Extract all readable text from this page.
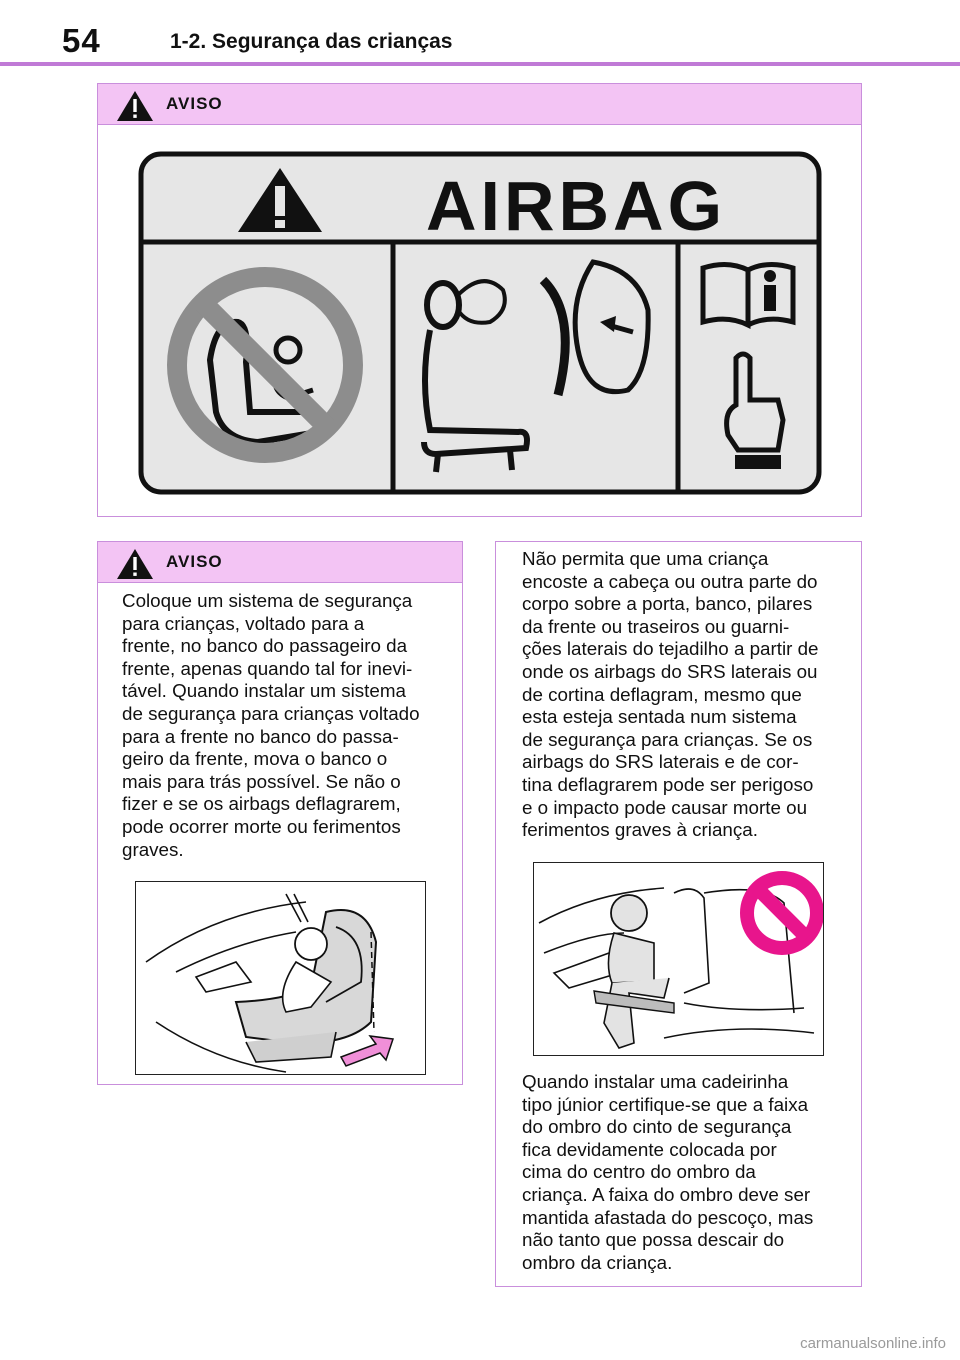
54	1-2. Segurança das crianças
AVISO
AIRBAG
AVISO
Coloque um sistema de segurança
para crianças, voltado para a
frente, no banco do passageiro da
frente, apenas quando tal for inevi-
tável. Quando instalar um sistema
de segurança para crianças voltado
para a frente no banco do passa-
geiro da frente, mova o banco o
mais para trás possível. Se não o
fizer e se os airbags deflagrarem,
pode ocorrer morte ou ferimentos
graves.
Não permita que uma criança
encoste a cabeça ou outra parte do
corpo sobre a porta, banco, pilares
da frente ou traseiros ou guarni-
ções laterais do tejadilho a partir de
onde os airbags do SRS laterais ou
de cortina deflagram, mesmo que
esta esteja sentada num sistema
de segurança para crianças. Se os
airbags do SRS laterais e de cor-
tina deflagrarem pode ser perigoso
e o impacto pode causar morte ou
ferimentos graves à criança.
Quando instalar uma cadeirinha
tipo júnior certifique-se que a faixa
do ombro do cinto de segurança
fica devidamente colocada por
cima do centro do ombro da
criança. A faixa do ombro deve ser
mantida afastada do pescoço, mas
não tanto que possa descair do
ombro da criança.
carmanualsonline.info
